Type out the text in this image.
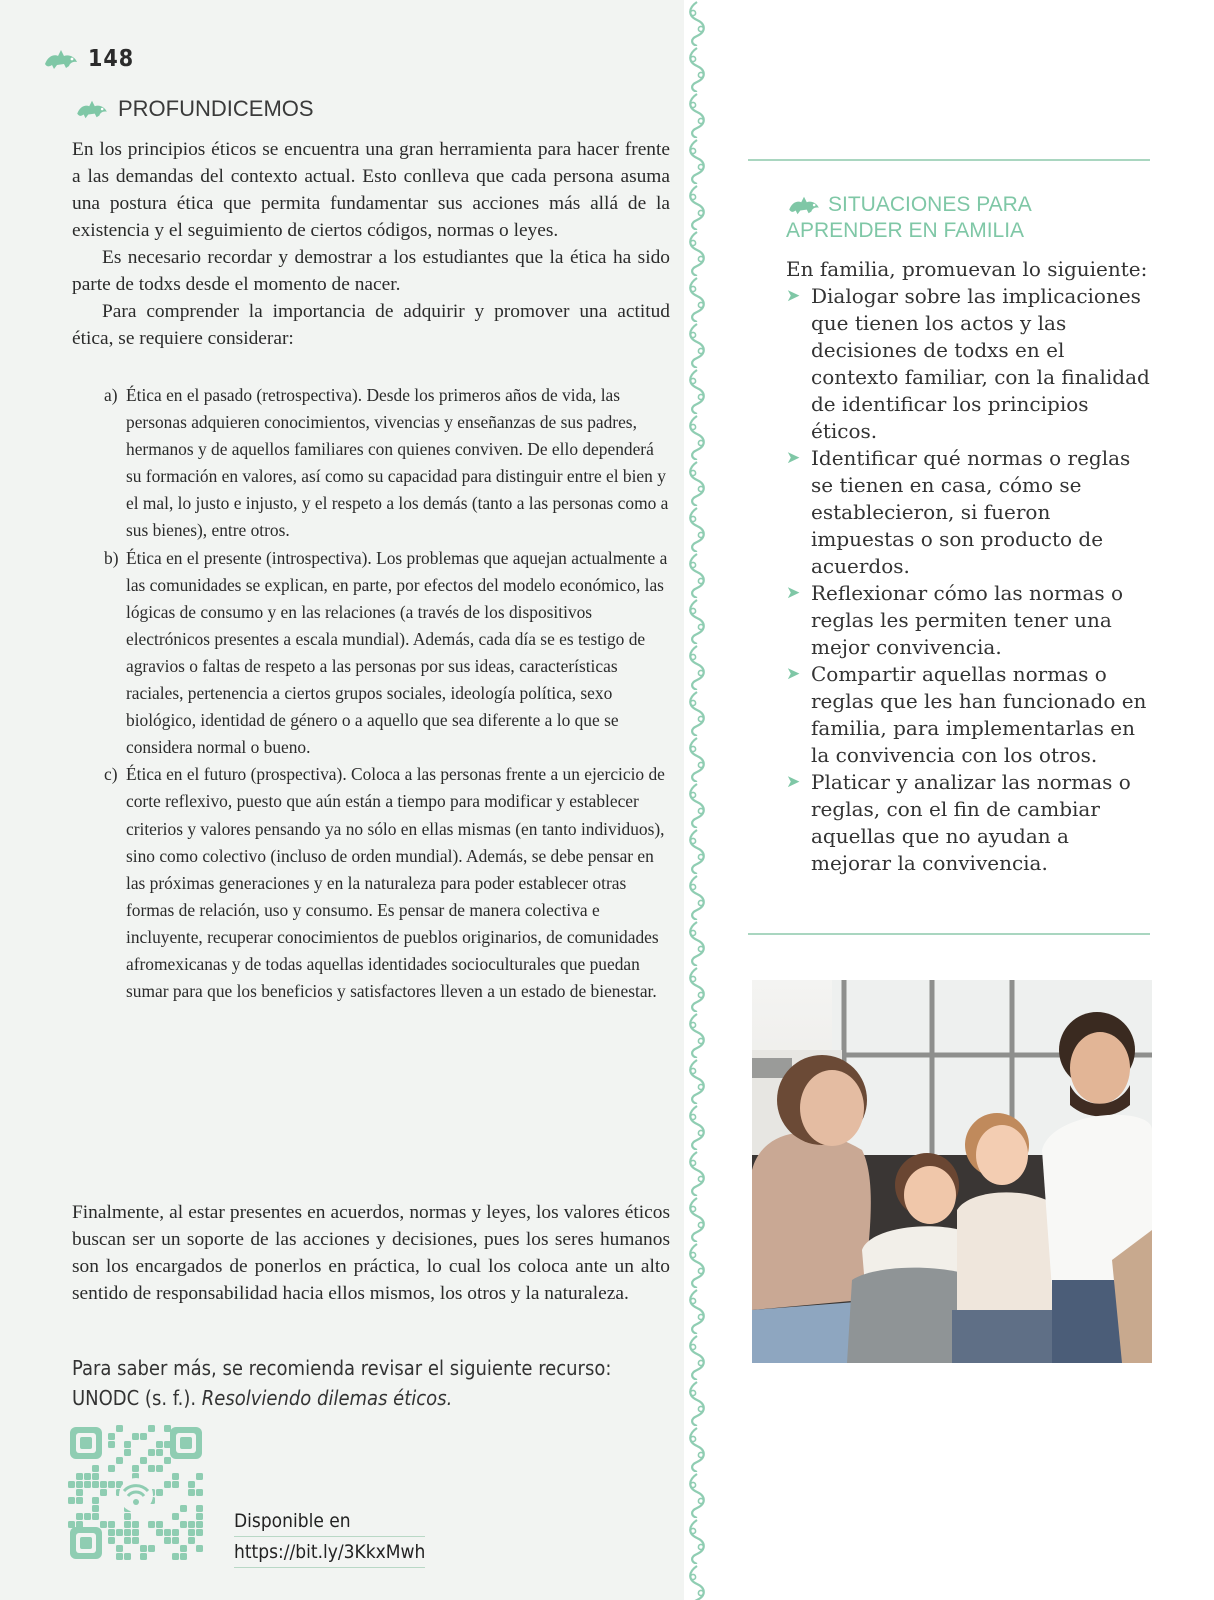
148
PROFUNDICEMOS

En los principios éticos se encuentra una gran herramienta para hacer frente a las demandas del contexto actual. Esto conlleva que cada persona asuma una postura ética que permita fundamentar sus acciones más allá de la existencia y el seguimiento de ciertos códigos, normas o leyes.

Es necesario recordar y demostrar a los estudiantes que la ética ha sido parte de todxs desde el momento de nacer.

Para comprender la importancia de adquirir y promover una actitud ética, se requiere considerar:

a) Ética en el pasado (retrospectiva). Desde los primeros años de vida, las personas adquieren conocimientos, vivencias y enseñanzas de sus padres, hermanos y de aquellos familiares con quienes conviven. De ello dependerá su formación en valores, así como su capacidad para distinguir entre el bien y el mal, lo justo e injusto, y el respeto a los demás (tanto a las personas como a sus bienes), entre otros.
b) Ética en el presente (introspectiva). Los problemas que aquejan actualmente a las comunidades se explican, en parte, por efectos del modelo económico, las lógicas de consumo y en las relaciones (a través de los dispositivos electrónicos presentes a escala mundial). Además, cada día se es testigo de agravios o faltas de respeto a las personas por sus ideas, características raciales, pertenencia a ciertos grupos sociales, ideología política, sexo biológico, identidad de género o a aquello que sea diferente a lo que se considera normal o bueno.
c) Ética en el futuro (prospectiva). Coloca a las personas frente a un ejercicio de corte reflexivo, puesto que aún están a tiempo para modificar y establecer criterios y valores pensando ya no sólo en ellas mismas (en tanto individuos), sino como colectivo (incluso de orden mundial). Además, se debe pensar en las próximas generaciones y en la naturaleza para poder establecer otras formas de relación, uso y consumo. Es pensar de manera colectiva e incluyente, recuperar conocimientos de pueblos originarios, de comunidades afromexicanas y de todas aquellas identidades socioculturales que puedan sumar para que los beneficios y satisfactores lleven a un estado de bienestar.
Finalmente, al estar presentes en acuerdos, normas y leyes, los valores éticos buscan ser un soporte de las acciones y decisiones, pues los seres humanos son los encargados de ponerlos en práctica, lo cual los coloca ante un alto sentido de responsabilidad hacia ellos mismos, los otros y la naturaleza.
Para saber más, se recomienda revisar el siguiente recurso:
UNODC (s. f.). Resolviendo dilemas éticos.
Disponible en
https://bit.ly/3KkxMwh
SITUACIONES PARA
APRENDER EN FAMILIA

En familia, promuevan lo siguiente:

➤ Dialogar sobre las implicaciones que tienen los actos y las decisiones de todxs en el contexto familiar, con la finalidad de identificar los principios éticos.
➤ Identificar qué normas o reglas se tienen en casa, cómo se establecieron, si fueron impuestas o son producto de acuerdos.
➤ Reflexionar cómo las normas o reglas les permiten tener una mejor convivencia.
➤ Compartir aquellas normas o reglas que les han funcionado en familia, para implementarlas en la convivencia con los otros.
➤ Platicar y analizar las normas o reglas, con el fin de cambiar aquellas que no ayudan a mejorar la convivencia.
